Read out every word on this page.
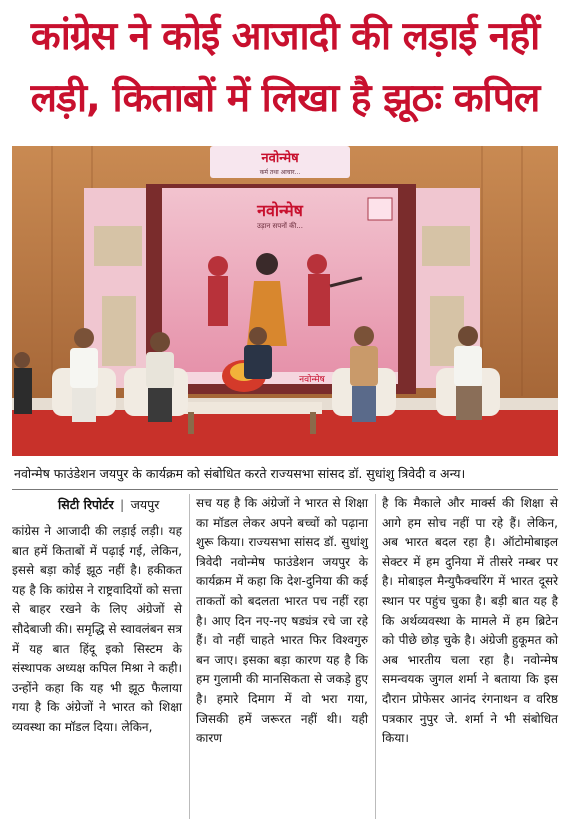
कांग्रेस ने कोई आजादी की लड़ाई नहीं
लड़ी, किताबों में लिखा है झूठः कपिल
नवोन्मेष
कर्म तथा आचार...
नवोन्मेष
उड़ान सपनों की...
नवोन्मेष
नवोन्मेष फाउंडेशन जयपुर के कार्यक्रम को संबोधित करते राज्यसभा सांसद डॉ. सुधांशु त्रिवेदी व अन्य।
सिटी रिपोर्टर | जयपुर

कांग्रेस ने आजादी की लड़ाई लड़ी। यह बात हमें किताबों में पढ़ाई गई, लेकिन, इससे बड़ा कोई झूठ नहीं है। हकीकत यह है कि कांग्रेस ने राष्ट्रवादियों को सत्ता से बाहर रखने के लिए अंग्रेजों से सौदेबाजी की। समृद्धि से स्वावलंबन सत्र में यह बात हिंदू इको सिस्टम के संस्थापक अध्यक्ष कपिल मिश्रा ने कही। उन्होंने कहा कि यह भी झूठ फैलाया गया है कि अंग्रेजों ने भारत को शिक्षा व्यवस्था का मॉडल दिया। लेकिन,

सच यह है कि अंग्रेजों ने भारत से शिक्षा का मॉडल लेकर अपने बच्चों को पढ़ाना शुरू किया। राज्यसभा सांसद डॉ. सुधांशु त्रिवेदी नवोन्मेष फाउंडेशन जयपुर के कार्यक्रम में कहा कि देश-दुनिया की कई ताकतों को बदलता भारत पच नहीं रहा है। आए दिन नए-नए षड्यंत्र रचे जा रहे हैं। वो नहीं चाहते भारत फिर विश्वगुरु बन जाए। इसका बड़ा कारण यह है कि हम गुलामी की मानसिकता से जकड़े हुए है। हमारे दिमाग में वो भरा गया, जिसकी हमें जरूरत नहीं थी। यही कारण

है कि मैकाले और मार्क्स की शिक्षा से आगे हम सोच नहीं पा रहे हैं। लेकिन, अब भारत बदल रहा है। ऑटोमोबाइल सेक्टर में हम दुनिया में तीसरे नम्बर पर है। मोबाइल मैन्युफैक्चरिंग में भारत दूसरे स्थान पर पहुंच चुका है। बड़ी बात यह है कि अर्थव्यवस्था के मामले में हम ब्रिटेन को पीछे छोड़ चुके है। अंग्रेजी हुकूमत को अब भारतीय चला रहा है। नवोन्मेष समन्वयक जुगल शर्मा ने बताया कि इस दौरान प्रोफेसर आनंद रंगनाथन व वरिष्ठ पत्रकार नुपुर जे. शर्मा ने भी संबोधित किया।
